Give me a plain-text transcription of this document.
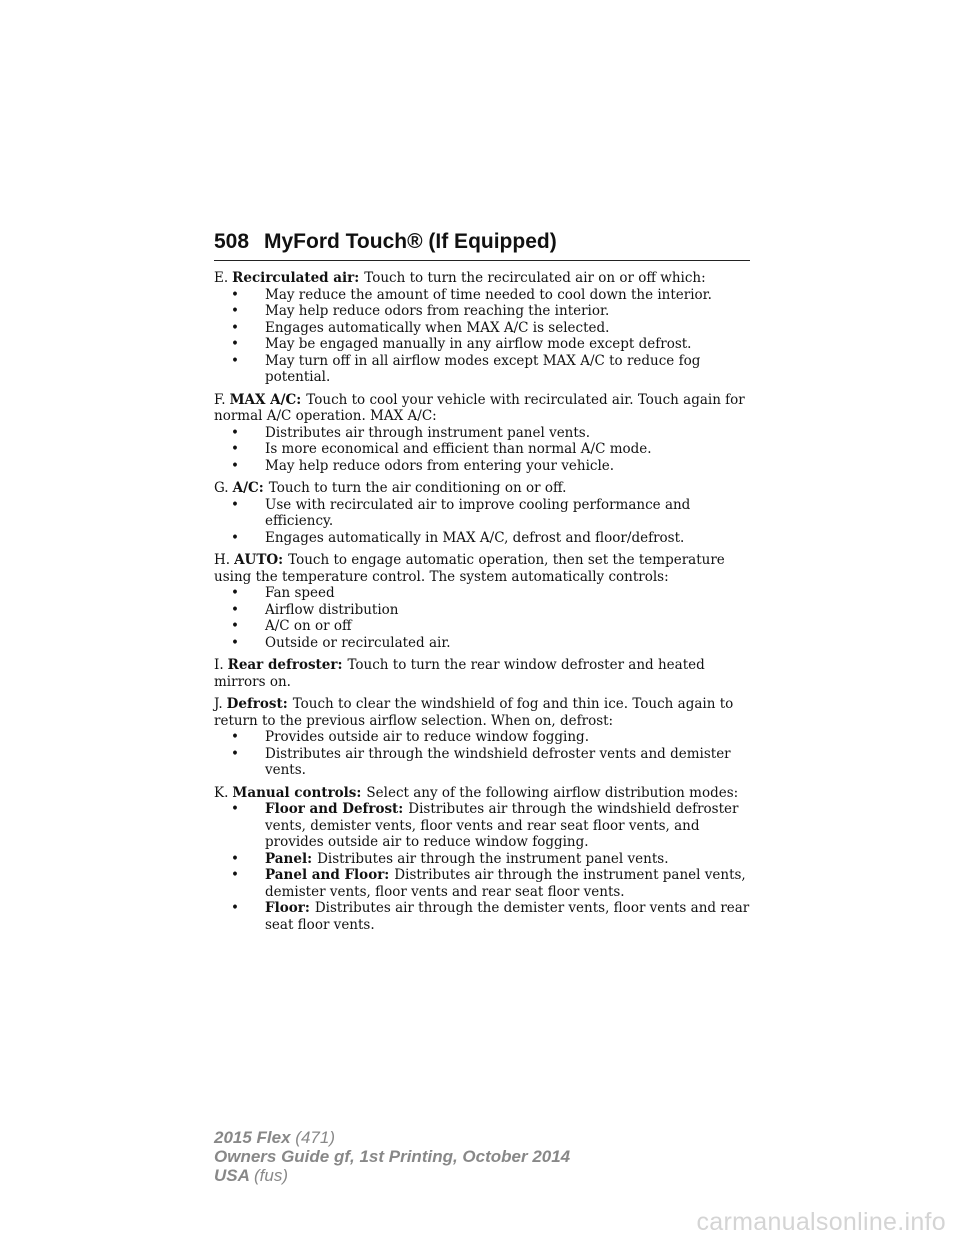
508 MyFord Touch® (If Equipped)
E. Recirculated air: Touch to turn the recirculated air on or off which:
• May reduce the amount of time needed to cool down the interior.
• May help reduce odors from reaching the interior.
• Engages automatically when MAX A/C is selected.
• May be engaged manually in any airflow mode except defrost.
• May turn off in all airflow modes except MAX A/C to reduce fog potential.
F. MAX A/C: Touch to cool your vehicle with recirculated air. Touch again for normal A/C operation. MAX A/C:
• Distributes air through instrument panel vents.
• Is more economical and efficient than normal A/C mode.
• May help reduce odors from entering your vehicle.
G. A/C: Touch to turn the air conditioning on or off.
• Use with recirculated air to improve cooling performance and efficiency.
• Engages automatically in MAX A/C, defrost and floor/defrost.
H. AUTO: Touch to engage automatic operation, then set the temperature using the temperature control. The system automatically controls:
• Fan speed
• Airflow distribution
• A/C on or off
• Outside or recirculated air.
I. Rear defroster: Touch to turn the rear window defroster and heated mirrors on.
J. Defrost: Touch to clear the windshield of fog and thin ice. Touch again to return to the previous airflow selection. When on, defrost:
• Provides outside air to reduce window fogging.
• Distributes air through the windshield defroster vents and demister vents.
K. Manual controls: Select any of the following airflow distribution modes:
• Floor and Defrost: Distributes air through the windshield defroster vents, demister vents, floor vents and rear seat floor vents, and provides outside air to reduce window fogging.
• Panel: Distributes air through the instrument panel vents.
• Panel and Floor: Distributes air through the instrument panel vents, demister vents, floor vents and rear seat floor vents.
• Floor: Distributes air through the demister vents, floor vents and rear seat floor vents.
2015 Flex (471)
Owners Guide gf, 1st Printing, October 2014
USA (fus)
carmanualsonline.info
